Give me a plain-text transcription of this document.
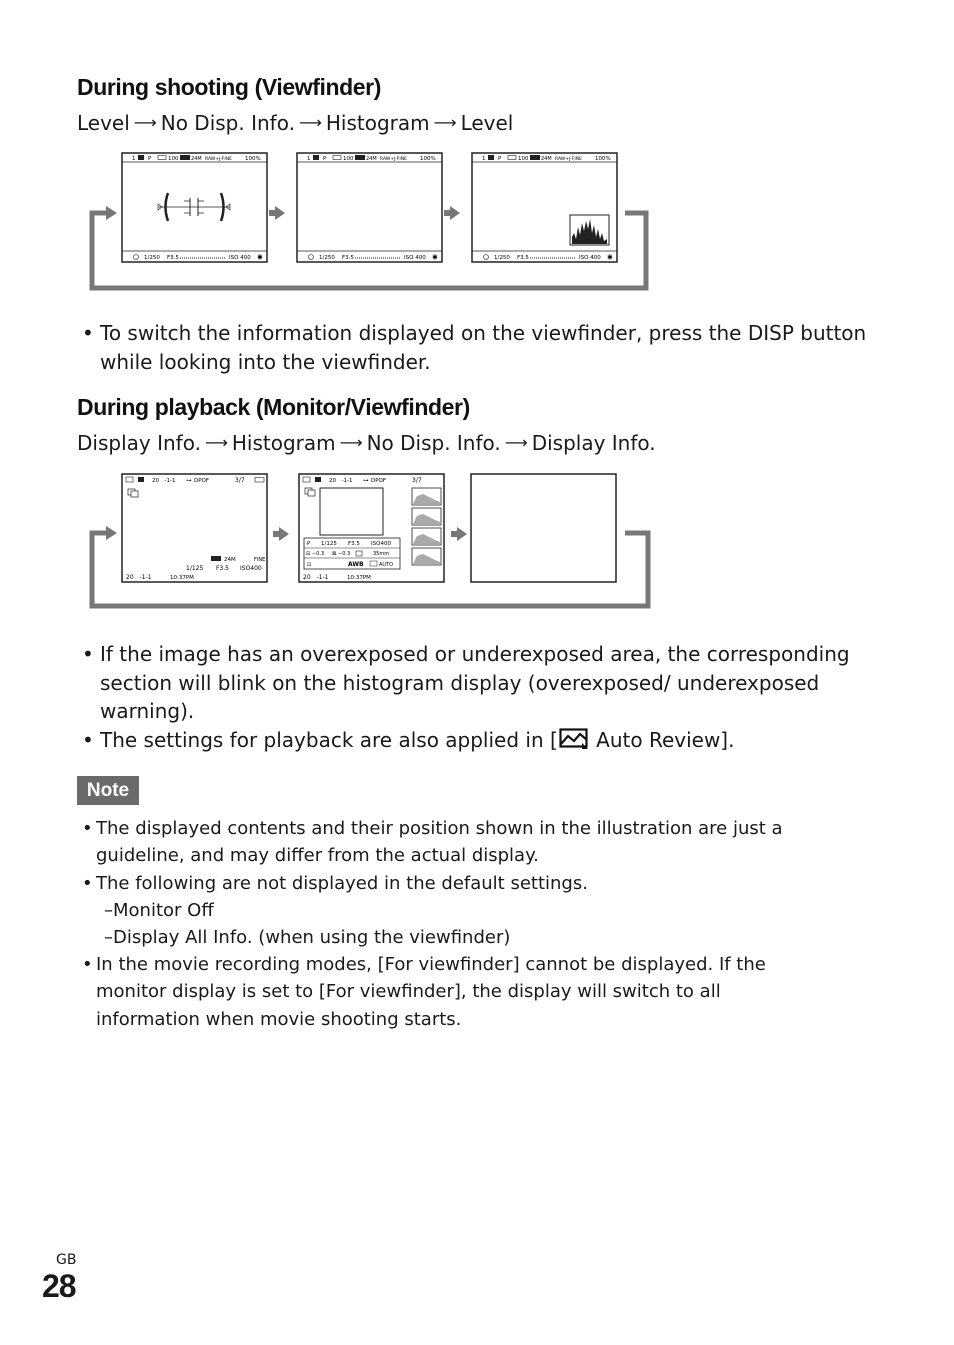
During shooting (Viewfinder)
Level ⟶ No Disp. Info. ⟶ Histogram ⟶ Level
1 P	100	24M RAW+J-FINE 100%
1/250 F3.5	ISO 400 ✱
1 P	100	24M RAW+J-FINE 100%
1/250 F3.5	ISO 400 ✱
1 P	100	24M RAW+J-FINE 100%
1/250 F3.5	ISO 400 ✱
• To switch the information displayed on the viewfinder, press the DISP button while looking into the viewfinder.
During playback (Monitor/Viewfinder)
Display Info. ⟶ Histogram ⟶ No Disp. Info. ⟶ Display Info.
20  -1-1 ⊶ DPOF	3/7
24M	FINE
1/125 F3.5 ISO400
20  -1-1	10:37PM
20  -1-1 ⊶ DPOF	3/7
P 1/125 F3.5 ISO400
⊟ −0.3 ⊠ −0.3	35mm
⊡	AWB	AUTO
20  -1-1	10:37PM
• If the image has an overexposed or underexposed area, the corresponding section will blink on the histogram display (overexposed/ underexposed warning).
• The settings for playback are also applied in [ Auto Review].
Note
• The displayed contents and their position shown in the illustration are just a guideline, and may differ from the actual display.
• The following are not displayed in the default settings.
–Monitor Off
–Display All Info. (when using the viewfinder)
• In the movie recording modes, [For viewfinder] cannot be displayed. If the monitor display is set to [For viewfinder], the display will switch to all information when movie shooting starts.
GB
28
